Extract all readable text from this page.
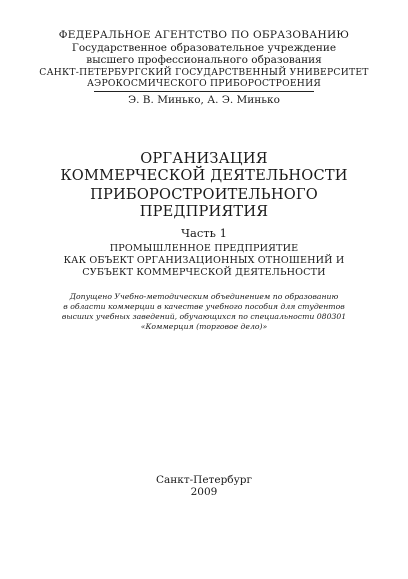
ФЕДЕРАЛЬНОЕ АГЕНТСТВО ПО ОБРАЗОВАНИЮ
Государственное образовательное учреждение
высшего профессионального образования
САНКТ-ПЕТЕРБУРГСКИЙ ГОСУДАРСТВЕННЫЙ УНИВЕРСИТЕТ
АЭРОКОСМИЧЕСКОГО ПРИБОРОСТРОЕНИЯ
Э. В. Минько, А. Э. Минько
ОРГАНИЗАЦИЯ
КОММЕРЧЕСКОЙ ДЕЯТЕЛЬНОСТИ
ПРИБОРОСТРОИТЕЛЬНОГО
ПРЕДПРИЯТИЯ
Часть 1
ПРОМЫШЛЕННОЕ ПРЕДПРИЯТИЕ
КАК ОБЪЕКТ ОРГАНИЗАЦИОННЫХ ОТНОШЕНИЙ И
СУБЪЕКТ КОММЕРЧЕСКОЙ ДЕЯТЕЛЬНОСТИ
Допущено Учебно-методическим объединением по образованию
в области коммерции в качестве учебного пособия для студентов
высших учебных заведений, обучающихся по специальности 080301
«Коммерция (торговое дело)»
Санкт-Петербург
2009
